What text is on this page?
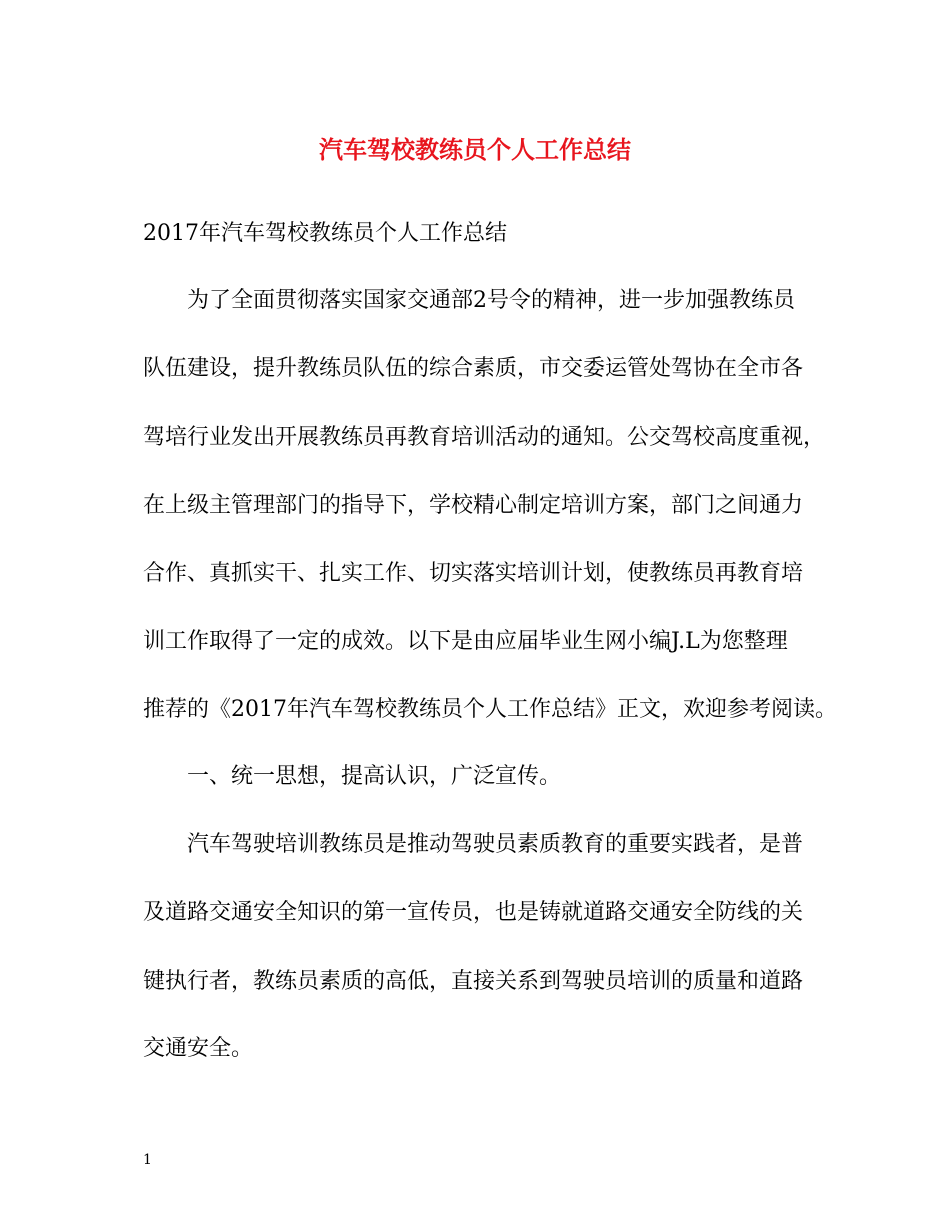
汽车驾校教练员个人工作总结
2017年汽车驾校教练员个人工作总结
为了全面贯彻落实国家交通部2号令的精神，进一步加强教练员
队伍建设，提升教练员队伍的综合素质，市交委运管处驾协在全市各
驾培行业发出开展教练员再教育培训活动的通知。公交驾校高度重视，
在上级主管理部门的指导下，学校精心制定培训方案，部门之间通力
合作、真抓实干、扎实工作、切实落实培训计划，使教练员再教育培
训工作取得了一定的成效。以下是由应届毕业生网小编J.L为您整理
推荐的《2017年汽车驾校教练员个人工作总结》正文，欢迎参考阅读。
一、统一思想，提高认识，广泛宣传。
汽车驾驶培训教练员是推动驾驶员素质教育的重要实践者，是普
及道路交通安全知识的第一宣传员，也是铸就道路交通安全防线的关
键执行者，教练员素质的高低，直接关系到驾驶员培训的质量和道路
交通安全。
1
